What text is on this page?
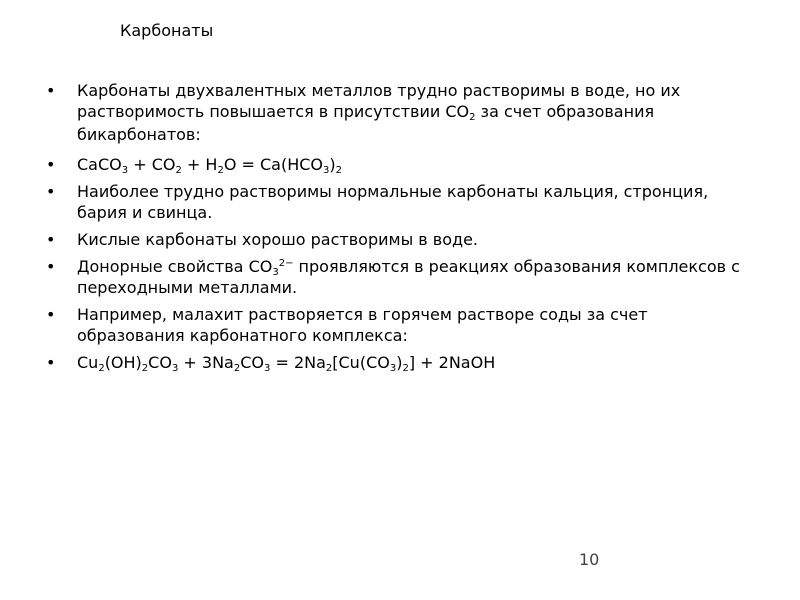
Карбонаты
• Карбонаты двухвалентных металлов трудно растворимы в воде, но их растворимость повышается в присутствии $CO_2$ за счет образования
бикарбонатов:
• CaCO$_3$ + $CO_2 + H_2O = Ca(HCO_3)_2$
• Наиболее трудно растворимы нормальные карбонаты кальция, стронция, бария и свинца.
• Кислые карбонаты хорошо растворимы в воде.
• Донорные свойства $CO_3^{2-}$ проявляются в реакциях образования комплексов с переходными металлами.
• Например, малахит растворяется в горячем растворе соды за счет образования карбонатного комплекса:
• $Cu_2(OH)_2CO_3 + 3Na_2CO_3 = 2Na_2[Cu(CO_3)_2]$ + 2NaOH
10
